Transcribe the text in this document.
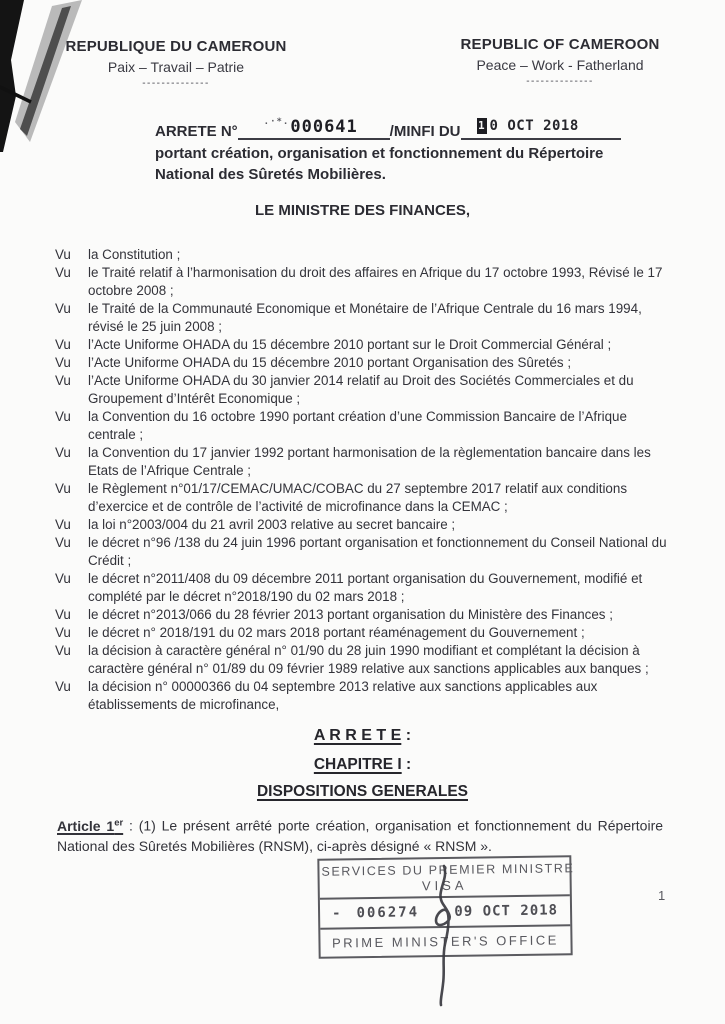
REPUBLIQUE DU CAMEROUN
Paix – Travail – Patrie
--------------
REPUBLIC OF CAMEROON
Peace – Work - Fatherland
--------------
ARRETE N°
.·*.000641 /MINFI DU 1 0 OCT 2018
portant création, organisation et fonctionnement du Répertoire
National des Sûretés Mobilières.
LE MINISTRE DES FINANCES,
Vu	la Constitution ;
Vu	le Traité relatif à l’harmonisation du droit des affaires en Afrique du 17 octobre 1993, Révisé le 17 octobre 2008 ;
Vu	le Traité de la Communauté Economique et Monétaire de l’Afrique Centrale du 16 mars 1994, révisé le 25 juin 2008 ;
Vu	l’Acte Uniforme OHADA du 15 décembre 2010 portant sur le Droit Commercial Général ;
Vu	l’Acte Uniforme OHADA du 15 décembre 2010 portant Organisation des Sûretés ;
Vu	l’Acte Uniforme OHADA du 30 janvier 2014 relatif au Droit des Sociétés Commerciales et du Groupement d’Intérêt Economique ;
Vu	la Convention du 16 octobre 1990 portant création d’une Commission Bancaire de l’Afrique centrale ;
Vu	la Convention du 17 janvier 1992 portant harmonisation de la règlementation bancaire dans les Etats de l’Afrique Centrale ;
Vu	le Règlement n°01/17/CEMAC/UMAC/COBAC du 27 septembre 2017 relatif aux conditions d’exercice et de contrôle de l’activité de microfinance dans la CEMAC ;
Vu	la loi n°2003/004 du 21 avril 2003 relative au secret bancaire ;
Vu	le décret n°96 /138 du 24 juin 1996 portant organisation et fonctionnement du Conseil National du Crédit ;
Vu	le décret n°2011/408 du 09 décembre 2011 portant organisation du Gouvernement, modifié et complété par le décret n°2018/190 du 02 mars 2018 ;
Vu	le décret n°2013/066 du 28 février 2013 portant organisation du Ministère des Finances ;
Vu	le décret n° 2018/191 du 02 mars 2018 portant réaménagement du Gouvernement ;
Vu	la décision à caractère général n° 01/90 du 28 juin 1990 modifiant et complétant la décision à caractère général n° 01/89 du 09 février 1989 relative aux sanctions applicables aux banques ;
Vu	la décision n° 00000366 du 04 septembre 2013 relative aux sanctions applicables aux établissements de microfinance,
A R R E T E :
CHAPITRE I :
DISPOSITIONS GENERALES
Article 1er : (1) Le présent arrêté porte création, organisation et fonctionnement du Répertoire National des Sûretés Mobilières (RNSM), ci-après désigné « RNSM ».
SERVICES DU PREMIER MINISTRE
VISA
- 006274	09 OCT 2018
PRIME MINISTER'S OFFICE
1
